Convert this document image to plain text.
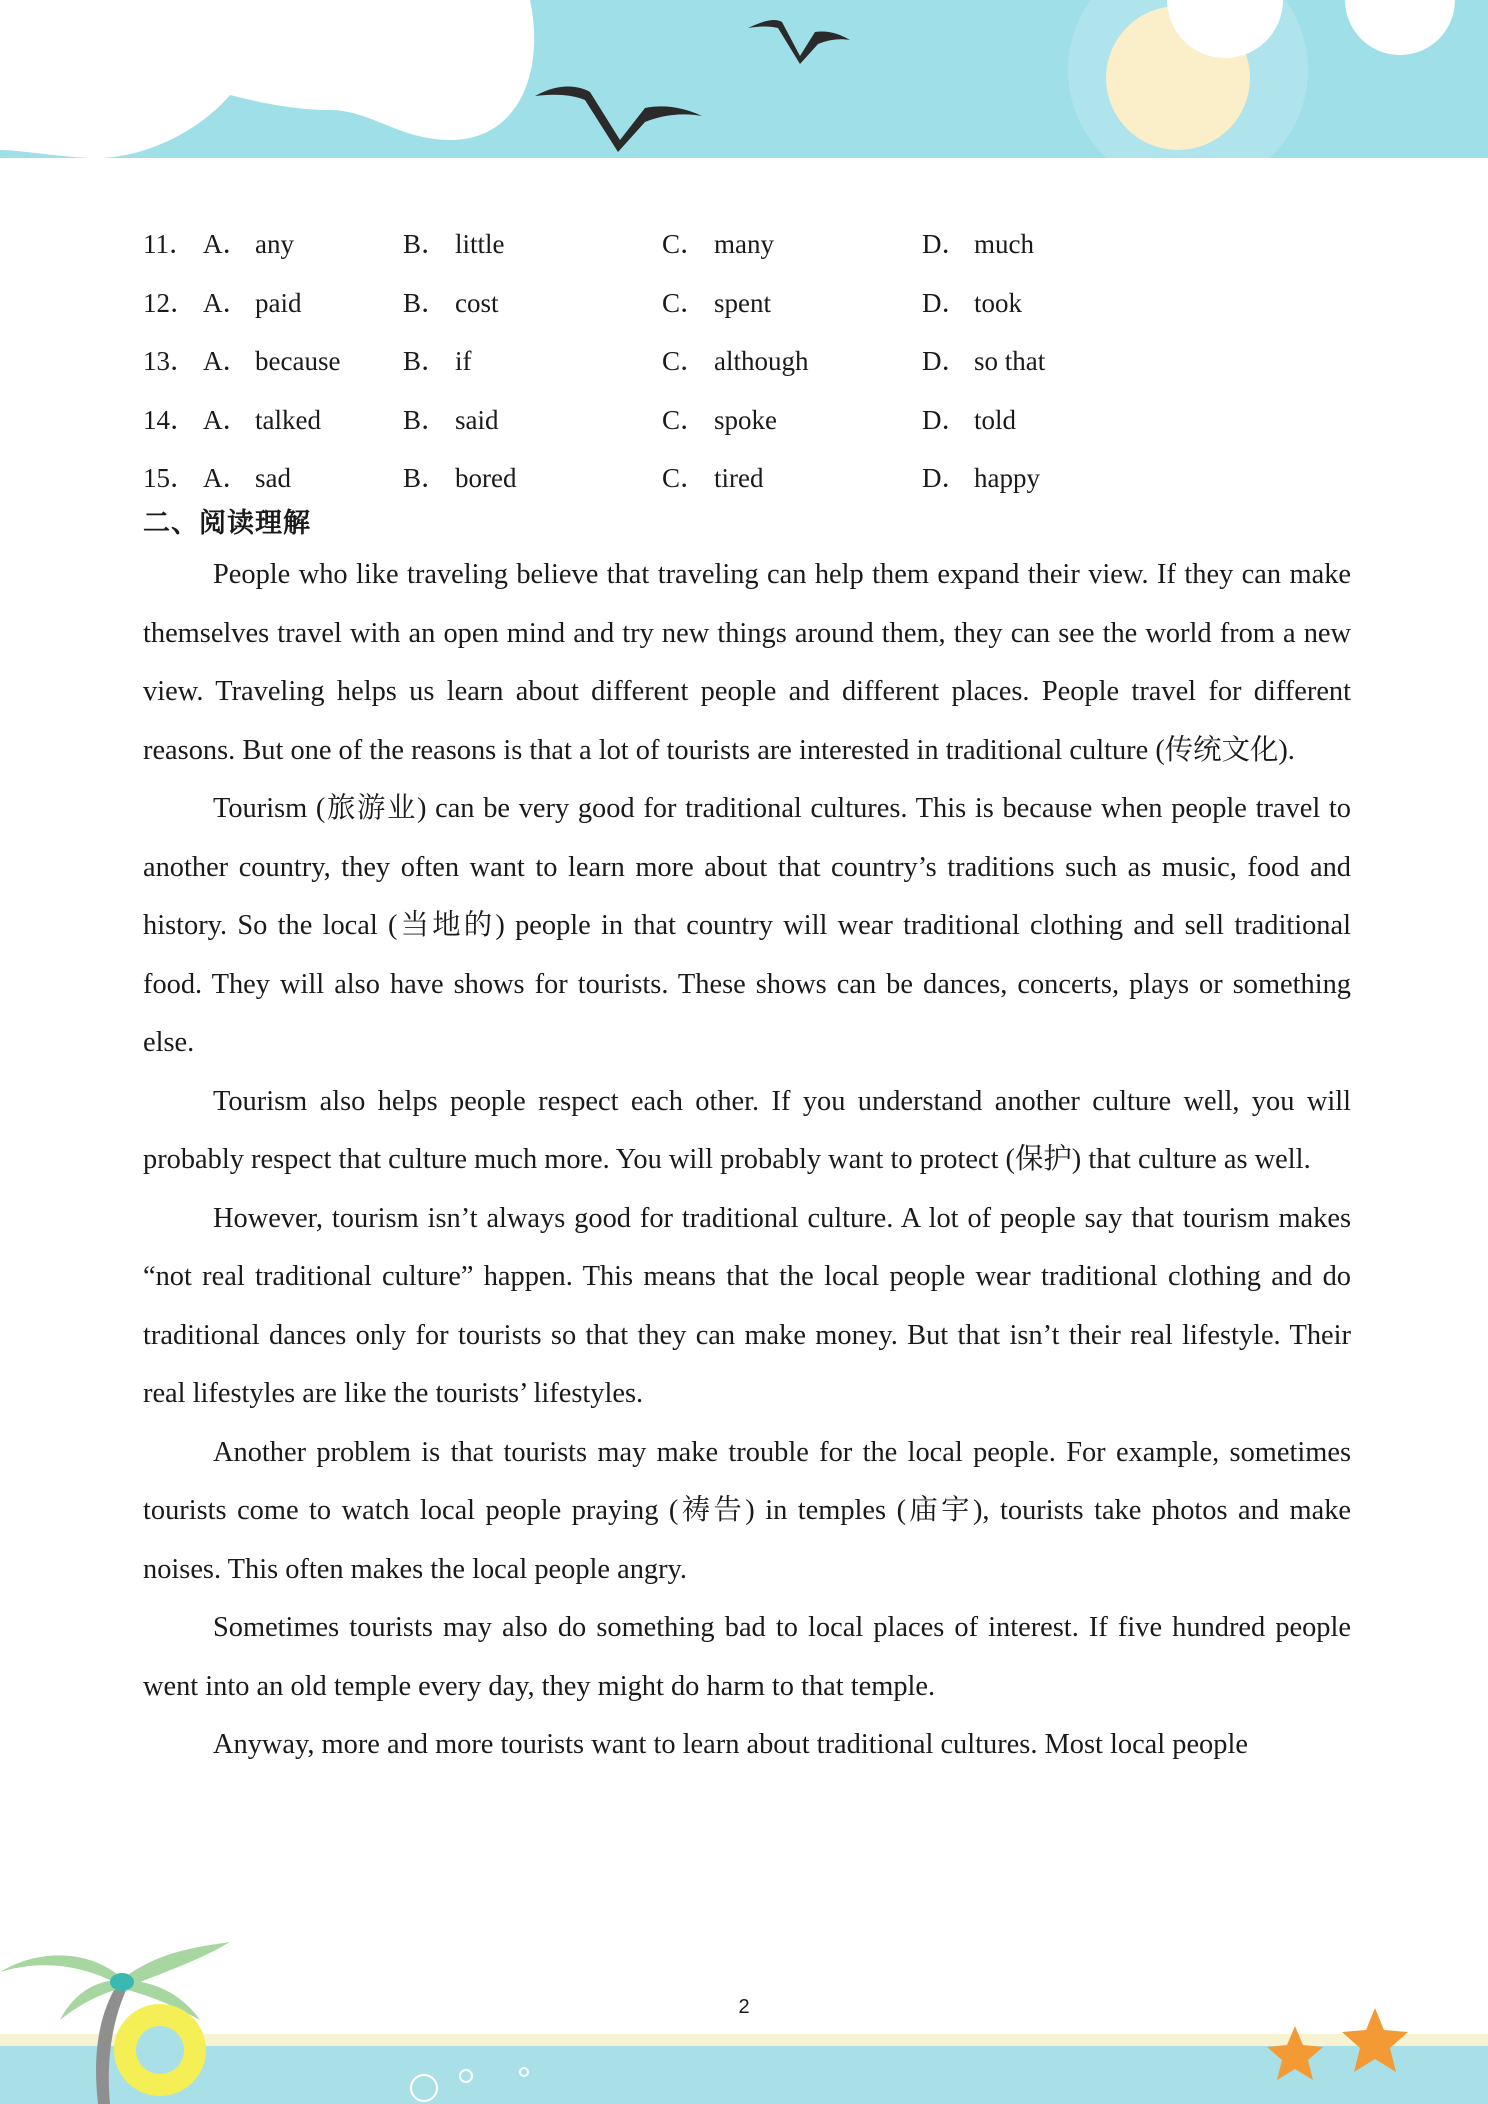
11． A． any	B． little	C． many	D． much
12． A． paid	B． cost	C． spent	D． took
13． A． because B． if	C． although	D． so that
14． A． talked	B． said	C． spoke	D． told
15． A． sad	B． bored	C． tired	D． happy
二、阅读理解

People who like traveling believe that traveling can help them expand their view. If they can make themselves travel with an open mind and try new things around them, they can see the world from a new view. Traveling helps us learn about different people and different places. People travel for different reasons. But one of the reasons is that a lot of tourists are interested in traditional culture (传统文化).

Tourism (旅游业) can be very good for traditional cultures. This is because when people travel to another country, they often want to learn more about that country’s traditions such as music, food and history. So the local (当地的) people in that country will wear traditional clothing and sell traditional food. They will also have shows for tourists. These shows can be dances, concerts, plays or something else.

Tourism also helps people respect each other. If you understand another culture well, you will probably respect that culture much more. You will probably want to protect (保护) that culture as well.

However, tourism isn’t always good for traditional culture. A lot of people say that tourism makes “not real traditional culture” happen. This means that the local people wear traditional clothing and do traditional dances only for tourists so that they can make money. But that isn’t their real lifestyle. Their real lifestyles are like the tourists’ lifestyles.

Another problem is that tourists may make trouble for the local people. For example, sometimes tourists come to watch local people praying (祷告) in temples (庙宇), tourists take photos and make noises. This often makes the local people angry.

Sometimes tourists may also do something bad to local places of interest. If five hundred people went into an old temple every day, they might do harm to that temple.

Anyway, more and more tourists want to learn about traditional cultures. Most local people

2
